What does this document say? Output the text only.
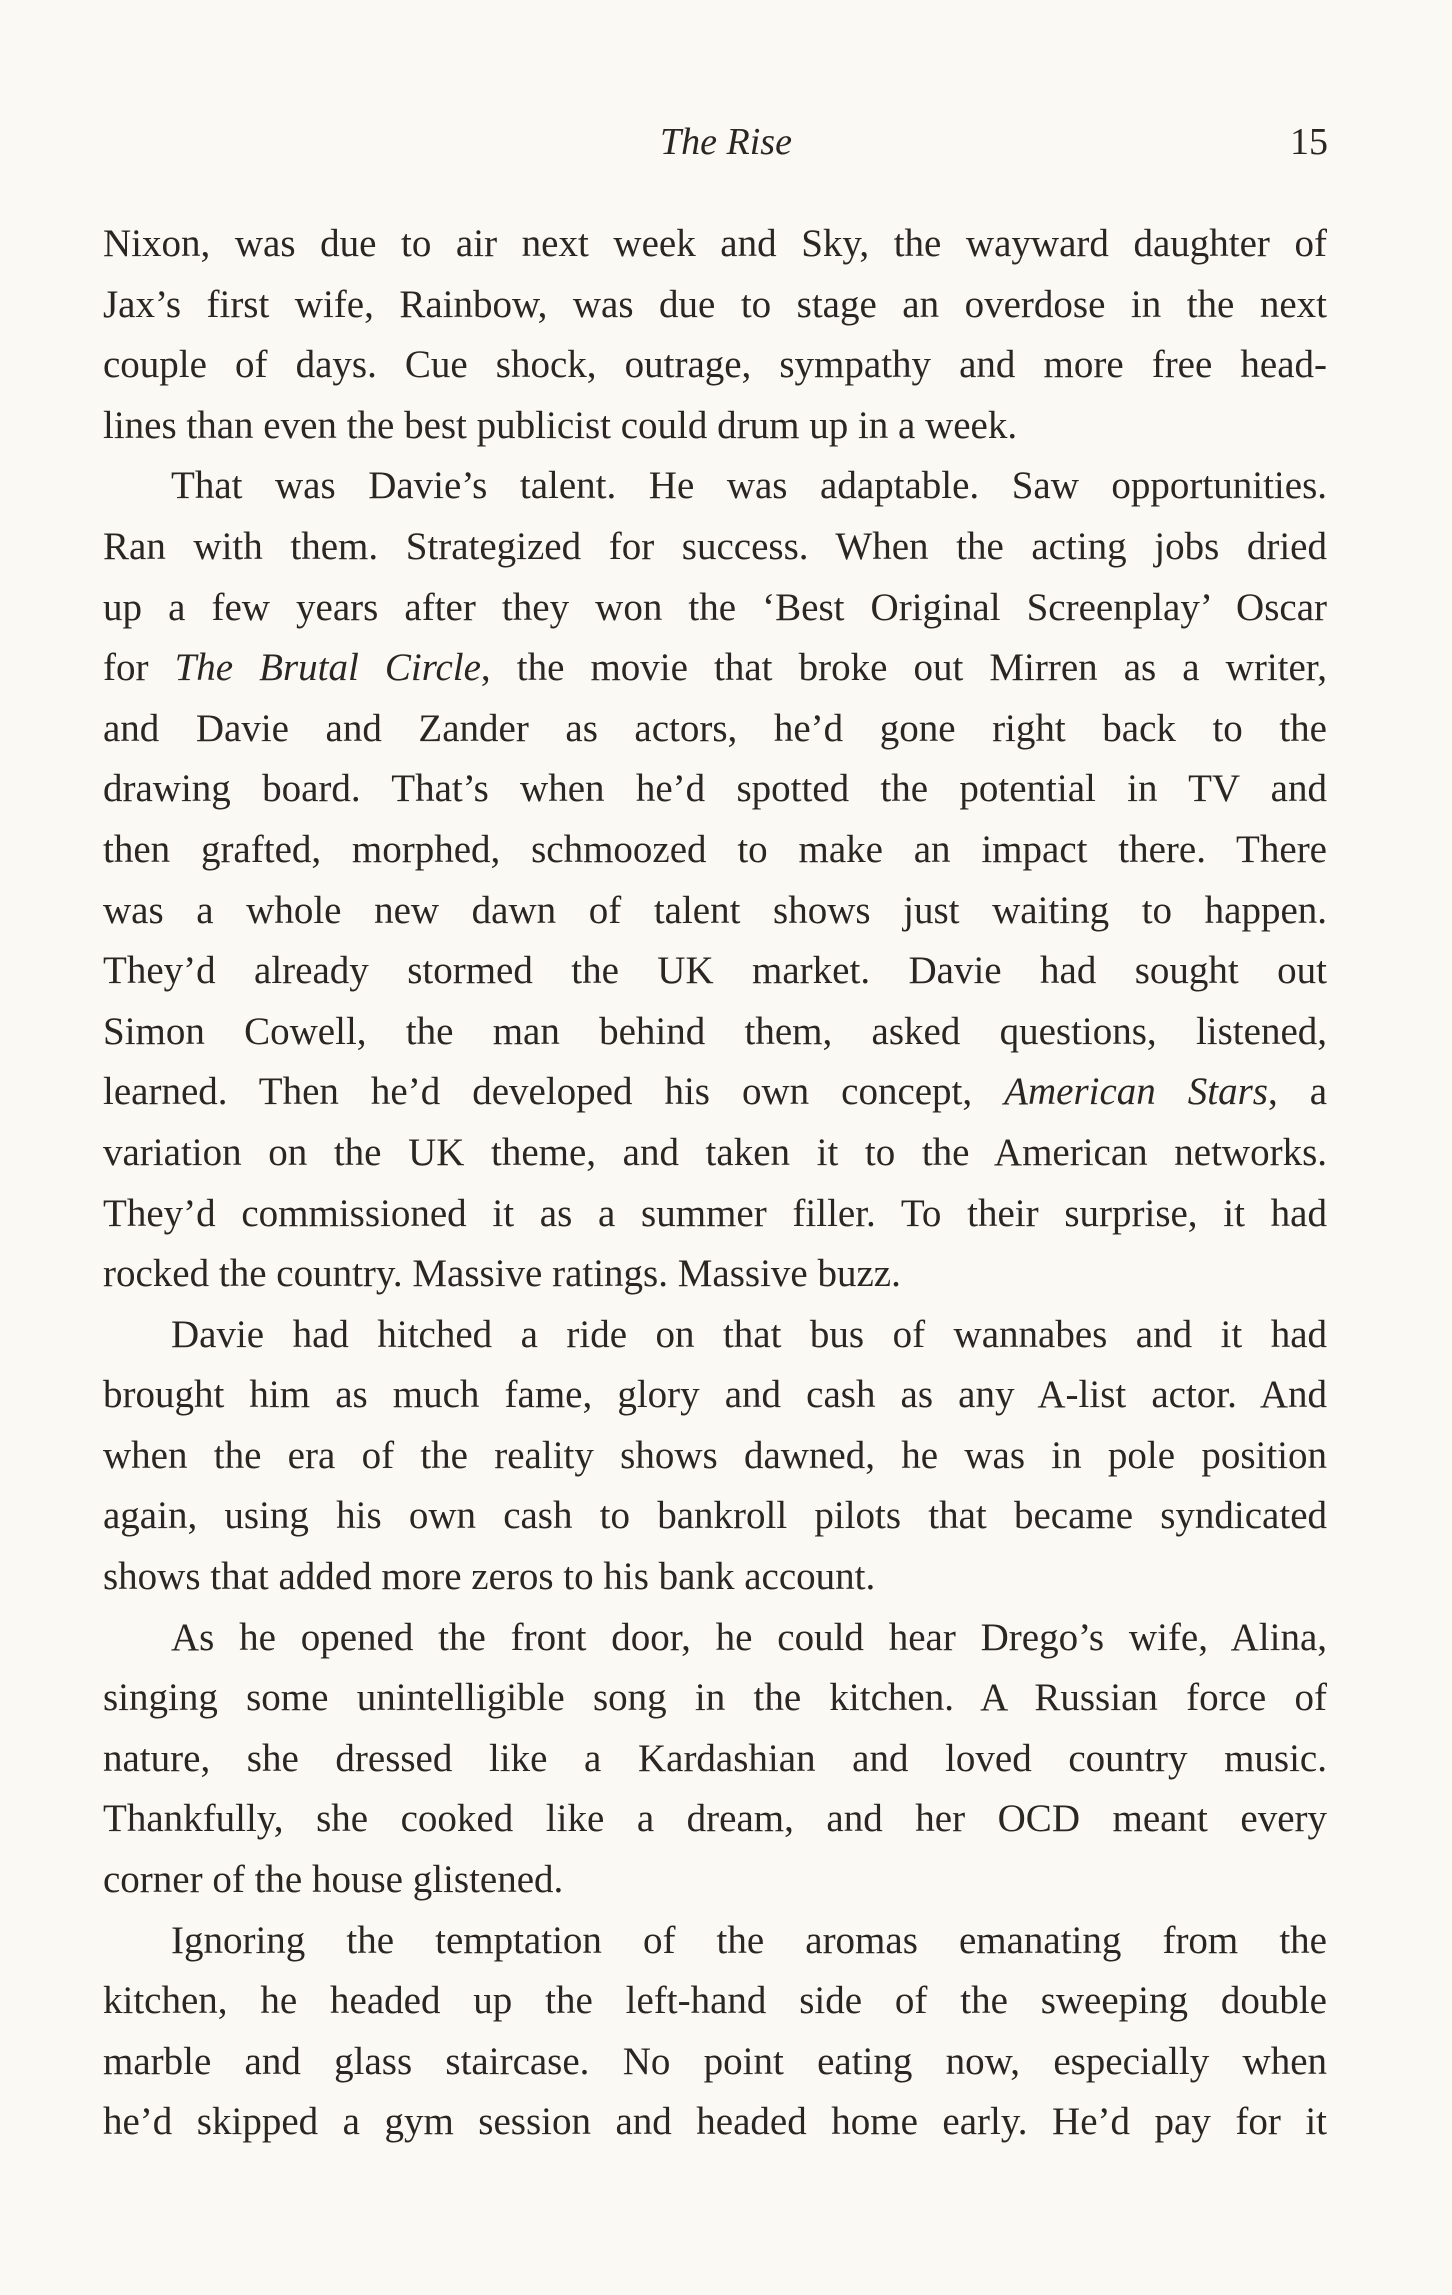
The Rise	15

Nixon, was due to air next week and Sky, the wayward daughter of

Jax’s first wife, Rainbow, was due to stage an overdose in the next

couple of days. Cue shock, outrage, sympathy and more free head-

lines than even the best publicist could drum up in a week.

That was Davie’s talent. He was adaptable. Saw opportunities.

Ran with them. Strategized for success. When the acting jobs dried

up a few years after they won the ‘Best Original Screenplay’ Oscar

for The Brutal Circle, the movie that broke out Mirren as a writer,

and Davie and Zander as actors, he’d gone right back to the

drawing board. That’s when he’d spotted the potential in TV and

then grafted, morphed, schmoozed to make an impact there. There

was a whole new dawn of talent shows just waiting to happen.

They’d already stormed the UK market. Davie had sought out

Simon Cowell, the man behind them, asked questions, listened,

learned. Then he’d developed his own concept, American Stars, a

variation on the UK theme, and taken it to the American networks.

They’d commissioned it as a summer filler. To their surprise, it had

rocked the country. Massive ratings. Massive buzz.

Davie had hitched a ride on that bus of wannabes and it had

brought him as much fame, glory and cash as any A-list actor. And

when the era of the reality shows dawned, he was in pole position

again, using his own cash to bankroll pilots that became syndicated

shows that added more zeros to his bank account.

As he opened the front door, he could hear Drego’s wife, Alina,

singing some unintelligible song in the kitchen. A Russian force of

nature, she dressed like a Kardashian and loved country music.

Thankfully, she cooked like a dream, and her OCD meant every

corner of the house glistened.

Ignoring the temptation of the aromas emanating from the

kitchen, he headed up the left-hand side of the sweeping double

marble and glass staircase. No point eating now, especially when

he’d skipped a gym session and headed home early. He’d pay for it
